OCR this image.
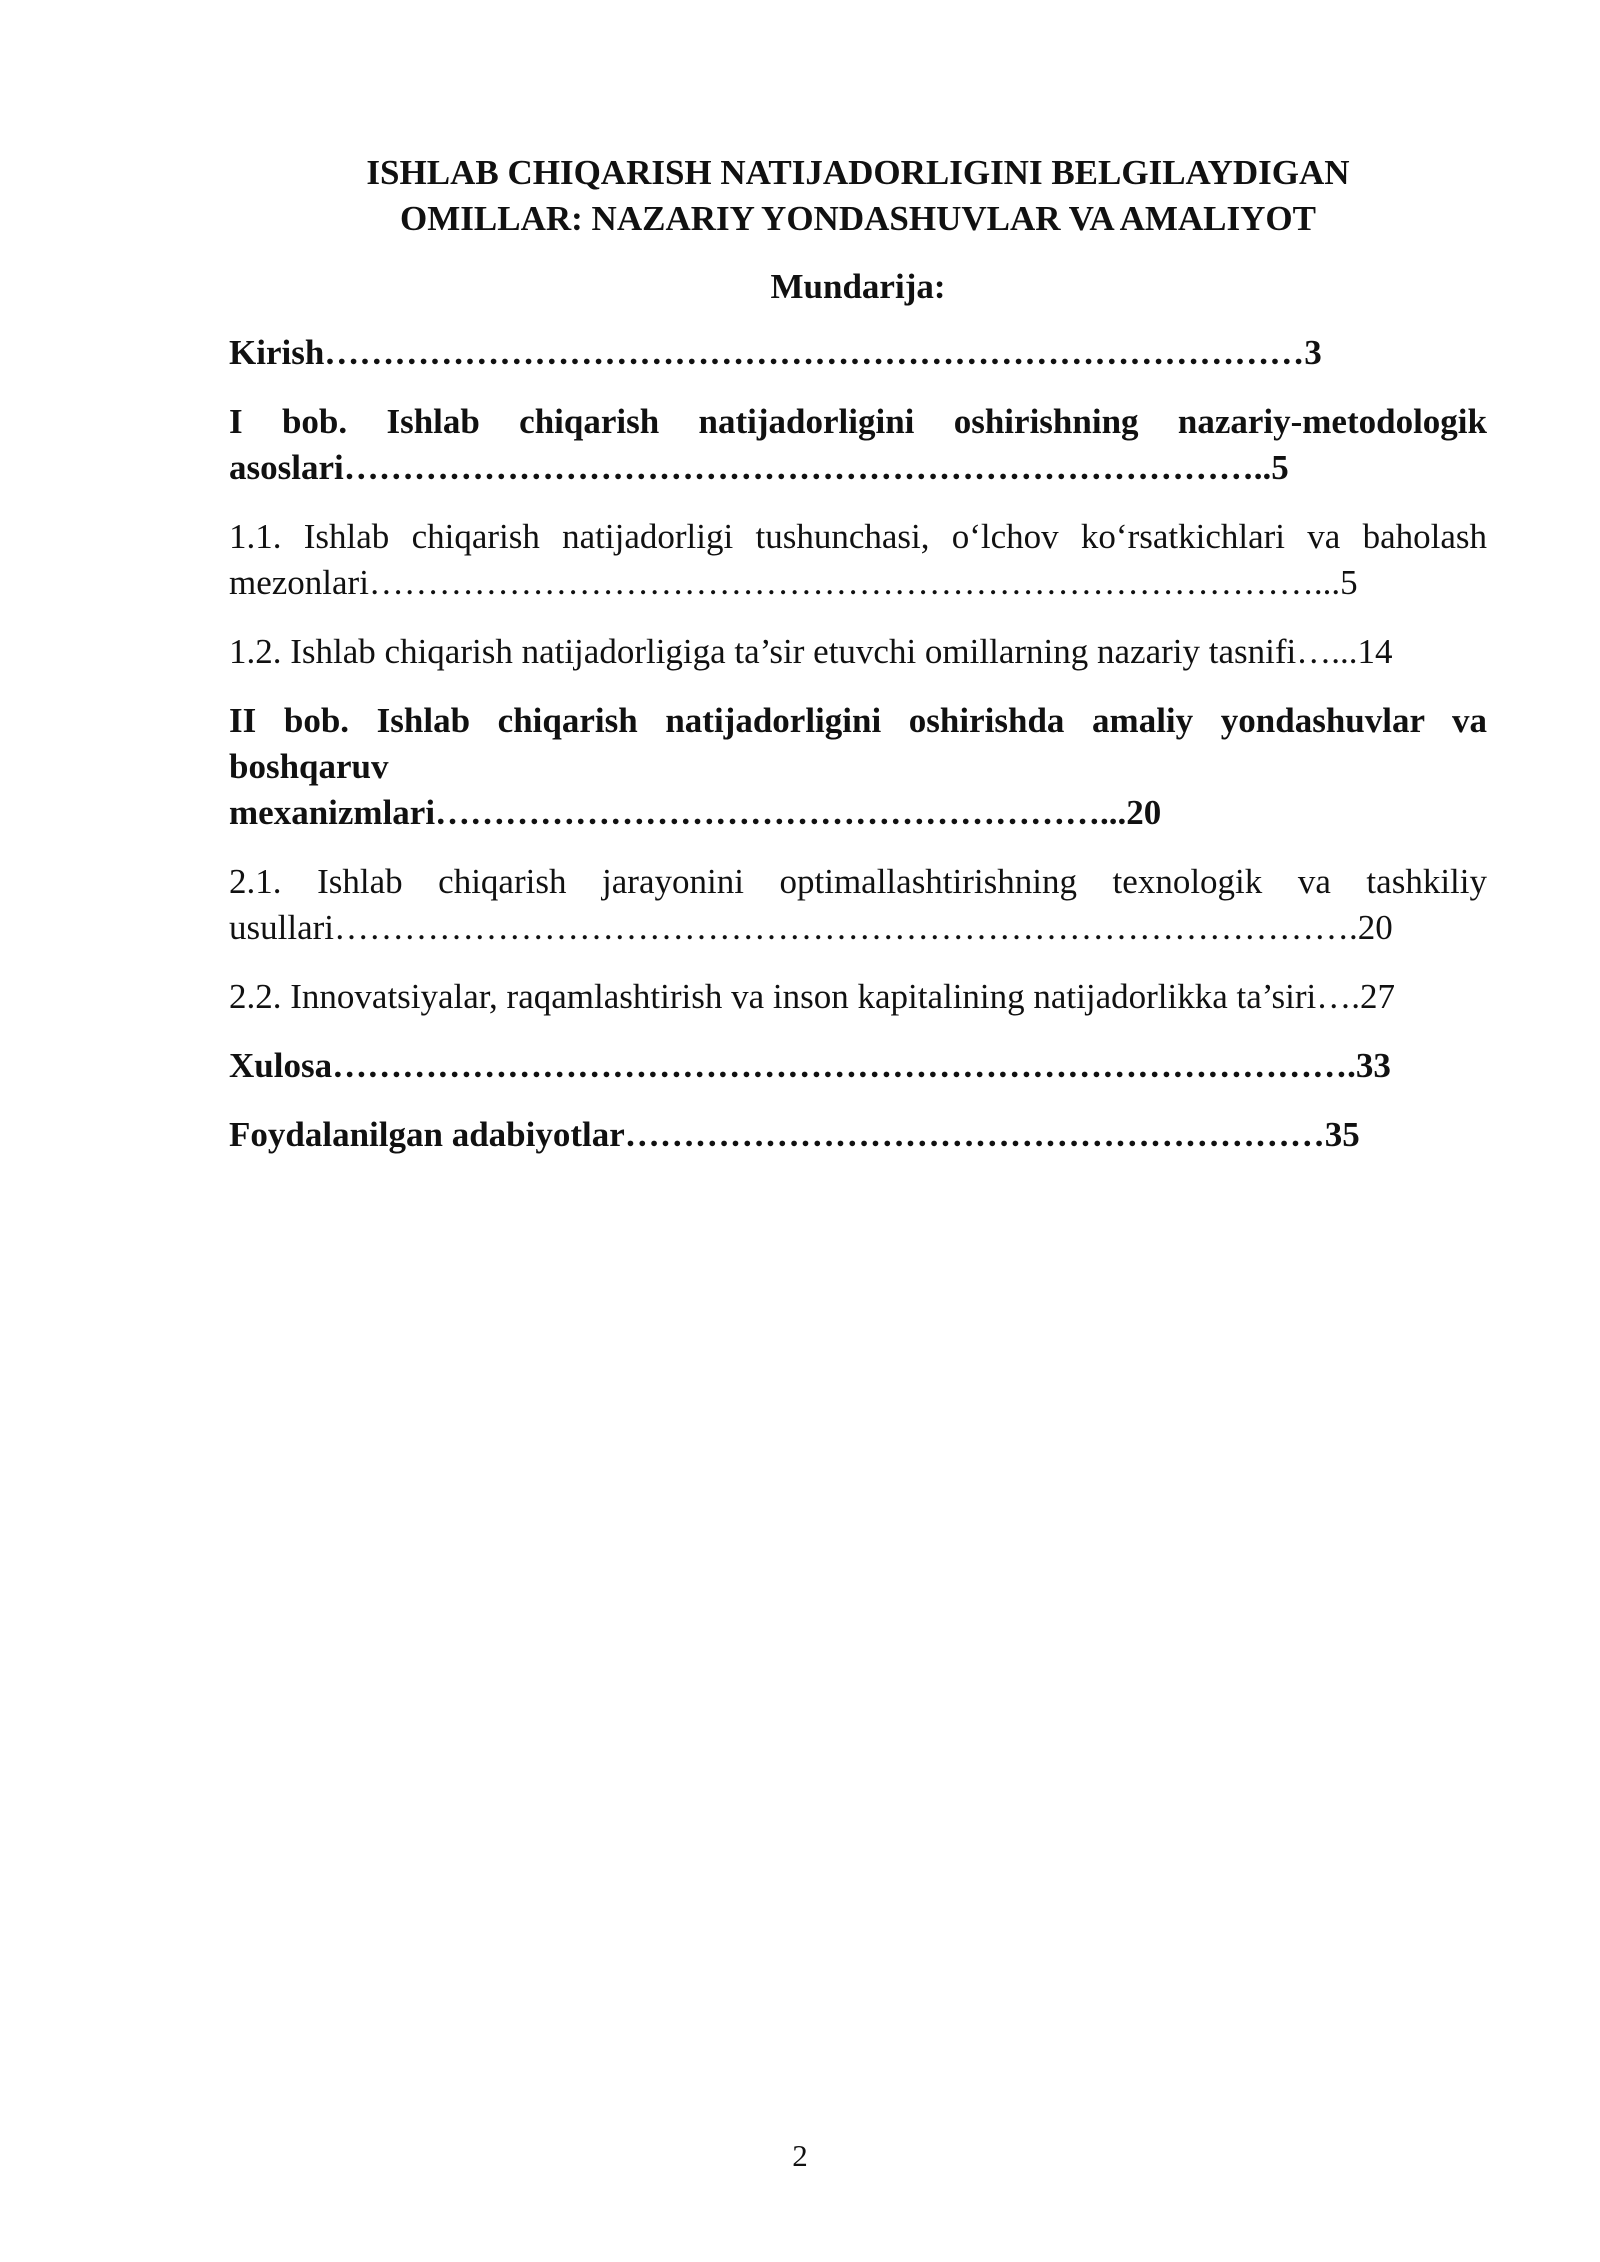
ISHLAB CHIQARISH NATIJADORLIGINI BELGILAYDIGAN
OMILLAR: NAZARIY YONDASHUVLAR VA AMALIYOT
Mundarija:
Kirish…………………………………………………………………………3
I bob. Ishlab chiqarish natijadorligini oshirishning nazariy-metodologik asoslari……………………………………………………………………..5
1.1. Ishlab chiqarish natijadorligi tushunchasi, oʻlchov koʻrsatkichlari va baholash mezonlari………………………………………………………………………...5
1.2. Ishlab chiqarish natijadorligiga ta’sir etuvchi omillarning nazariy tasnifi…...14
II bob. Ishlab chiqarish natijadorligini oshirishda amaliy yondashuvlar va boshqaruv
mexanizmlari…………………………………………………...20
2.1. Ishlab chiqarish jarayonini optimallashtirishning texnologik va tashkiliy usullari…………………………………………………………………………….20
2.2. Innovatsiyalar, raqamlashtirish va inson kapitalining natijadorlikka ta’siri….27
Xulosa…………………………………………………………………………….33
Foydalanilgan adabiyotlar……………………………………………………35
2
